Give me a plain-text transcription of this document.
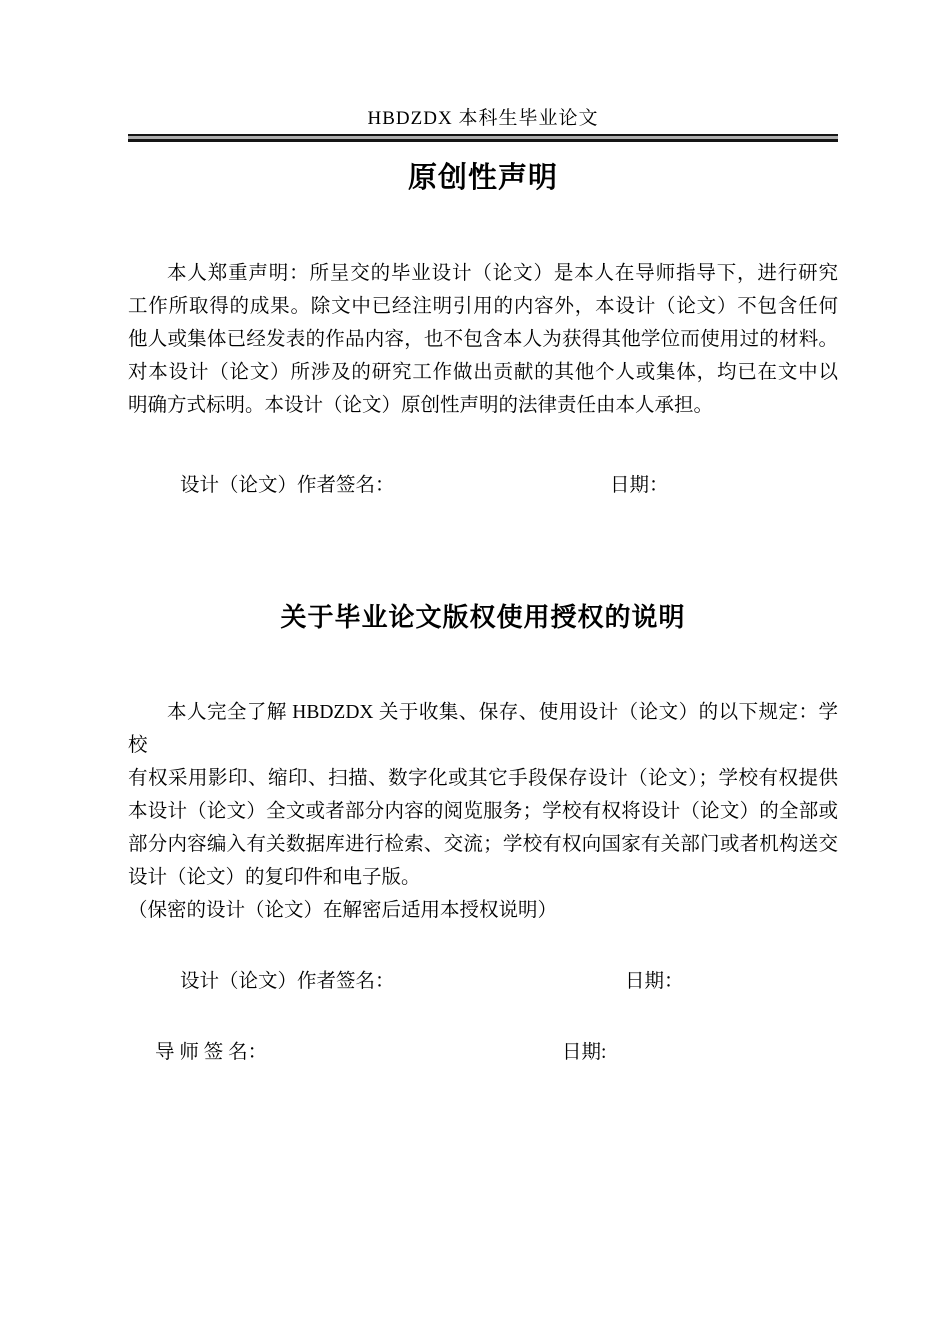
HBDZDX 本科生毕业论文
原创性声明
本人郑重声明：所呈交的毕业设计（论文）是本人在导师指导下，进行研究
工作所取得的成果。除文中已经注明引用的内容外，本设计（论文）不包含任何
他人或集体已经发表的作品内容，也不包含本人为获得其他学位而使用过的材料。
对本设计（论文）所涉及的研究工作做出贡献的其他个人或集体，均已在文中以
明确方式标明。本设计（论文）原创性声明的法律责任由本人承担。
设计（论文）作者签名：	日期：
关于毕业论文版权使用授权的说明
本人完全了解 HBDZDX 关于收集、保存、使用设计（论文）的以下规定：学校
有权采用影印、缩印、扫描、数字化或其它手段保存设计（论文）；学校有权提供
本设计（论文）全文或者部分内容的阅览服务；学校有权将设计（论文）的全部或
部分内容编入有关数据库进行检索、交流；学校有权向国家有关部门或者机构送交
设计（论文）的复印件和电子版。
（保密的设计（论文）在解密后适用本授权说明）
设计（论文）作者签名：	日期：
导 师 签 名：	日期:
